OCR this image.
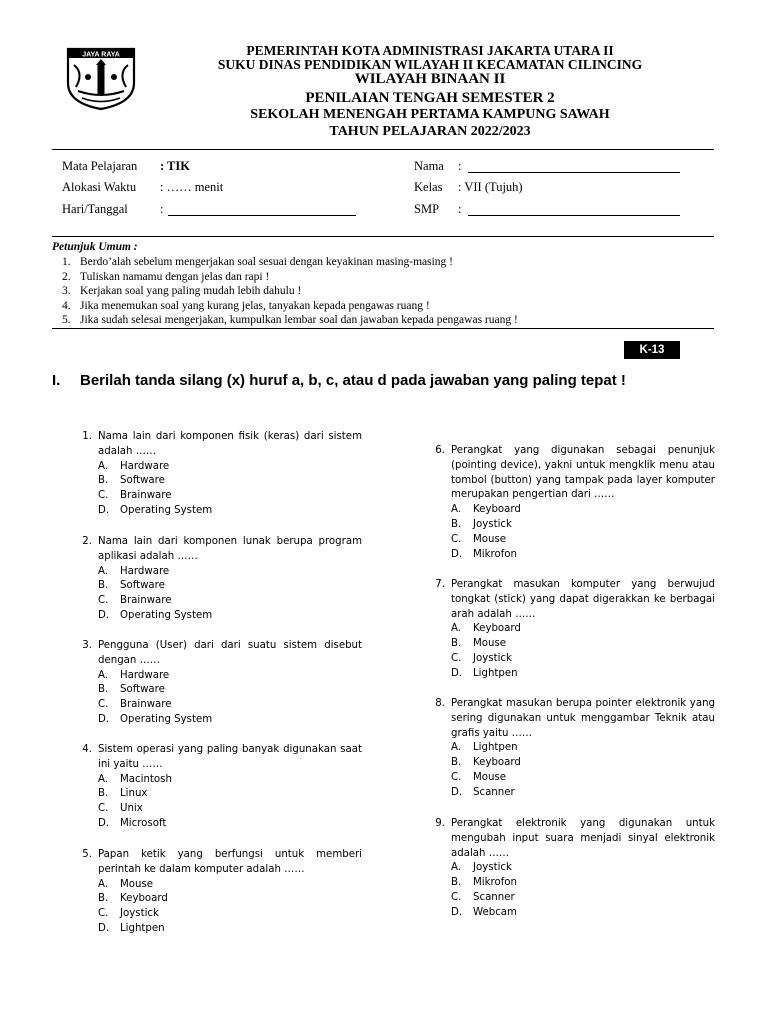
JAYA RAYA	PEMERINTAH KOTA ADMINISTRASI JAKARTA UTARA II
SUKU DINAS PENDIDIKAN WILAYAH II KECAMATAN CILINCING
WILAYAH BINAAN II
PENILAIAN TENGAH SEMESTER 2
SEKOLAH MENENGAH PERTAMA KAMPUNG SAWAH
TAHUN PELAJARAN 2022/2023
Mata Pelajaran : TIK
Alokasi Waktu : …… menit
Hari/Tanggal	:
Nama :
Kelas : VII (Tujuh)
SMP :
Petunjuk Umum :
1. Berdo’alah sebelum mengerjakan soal sesuai dengan keyakinan masing-masing !
2. Tuliskan namamu dengan jelas dan rapi !
3. Kerjakan soal yang paling mudah lebih dahulu !
4. Jika menemukan soal yang kurang jelas, tanyakan kepada pengawas ruang !
5. Jika sudah selesai mengerjakan, kumpulkan lembar soal dan jawaban kepada pengawas ruang !
K-13
I. Berilah tanda silang (x) huruf a, b, c, atau d pada jawaban yang paling tepat !
1. Nama lain dari komponen fisik (keras) dari sistem adalah ……
A. Hardware
B. Software
C. Brainware
D. Operating System
2. Nama lain dari komponen lunak berupa program aplikasi adalah ……
A. Hardware
B. Software
C. Brainware
D. Operating System
3. Pengguna (User) dari dari suatu sistem disebut dengan ……
A. Hardware
B. Software
C. Brainware
D. Operating System
4. Sistem operasi yang paling banyak digunakan saat ini yaitu ……
A. Macintosh
B. Linux
C. Unix
D. Microsoft
5. Papan ketik yang berfungsi untuk memberi perintah ke dalam komputer adalah ……
A. Mouse
B. Keyboard
C. Joystick
D. Lightpen
6. Perangkat yang digunakan sebagai penunjuk (pointing device), yakni untuk mengklik menu atau tombol (button) yang tampak pada layer komputer merupakan pengertian dari ……
A. Keyboard
B. Joystick
C. Mouse
D. Mikrofon
7. Perangkat masukan komputer yang berwujud tongkat (stick) yang dapat digerakkan ke berbagai arah adalah ……
A. Keyboard
B. Mouse
C. Joystick
D. Lightpen
8. Perangkat masukan berupa pointer elektronik yang sering digunakan untuk menggambar Teknik atau grafis yaitu ……
A. Lightpen
B. Keyboard
C. Mouse
D. Scanner
9. Perangkat elektronik yang digunakan untuk mengubah input suara menjadi sinyal elektronik adalah ……
A. Joystick
B. Mikrofon
C. Scanner
D. Webcam
